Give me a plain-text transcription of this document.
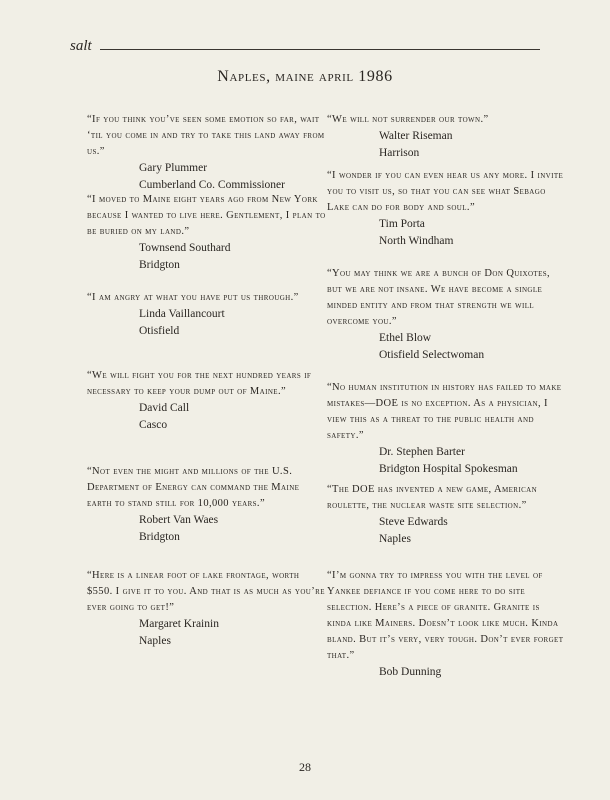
salt
Naples, maine april 1986

“If you think you’ve seen some emotion so far, wait ‘til you come in and try to take this land away from us.”

Gary Plummer
Cumberland Co. Commissioner

“I moved to Maine eight years ago from New York because I wanted to live here. Gentlement, I plan to be buried on my land.”

Townsend Southard
Bridgton

“I am angry at what you have put us through.”

Linda Vaillancourt
Otisfield

“We will fight you for the next hundred years if necessary to keep your dump out of Maine.”

David Call
Casco

“Not even the might and millions of the U.S. Department of Energy can command the Maine earth to stand still for 10,000 years.”

Robert Van Waes
Bridgton

“Here is a linear foot of lake frontage, worth $550. I give it to you. And that is as much as you’re ever going to get!”

Margaret Krainin
Naples

“We will not surrender our town.”

Walter Riseman
Harrison

“I wonder if you can even hear us any more. I invite you to visit us, so that you can see what Sebago Lake can do for body and soul.”

Tim Porta
North Windham

“You may think we are a bunch of Don Quixotes, but we are not insane. We have become a single minded entity and from that strength we will overcome you.”

Ethel Blow
Otisfield Selectwoman

“No human institution in history has failed to make mistakes—DOE is no exception. As a physician, I view this as a threat to the public health and safety.”

Dr. Stephen Barter
Bridgton Hospital Spokesman

“The DOE has invented a new game, American roulette, the nuclear waste site selection.”

Steve Edwards
Naples

“I’m gonna try to impress you with the level of Yankee defiance if you come here to do site selection. Here’s a piece of granite. Granite is kinda like Mainers. Doesn’t look like much. Kinda bland. But it’s very, very tough. Don’t ever forget that.”

Bob Dunning
28
